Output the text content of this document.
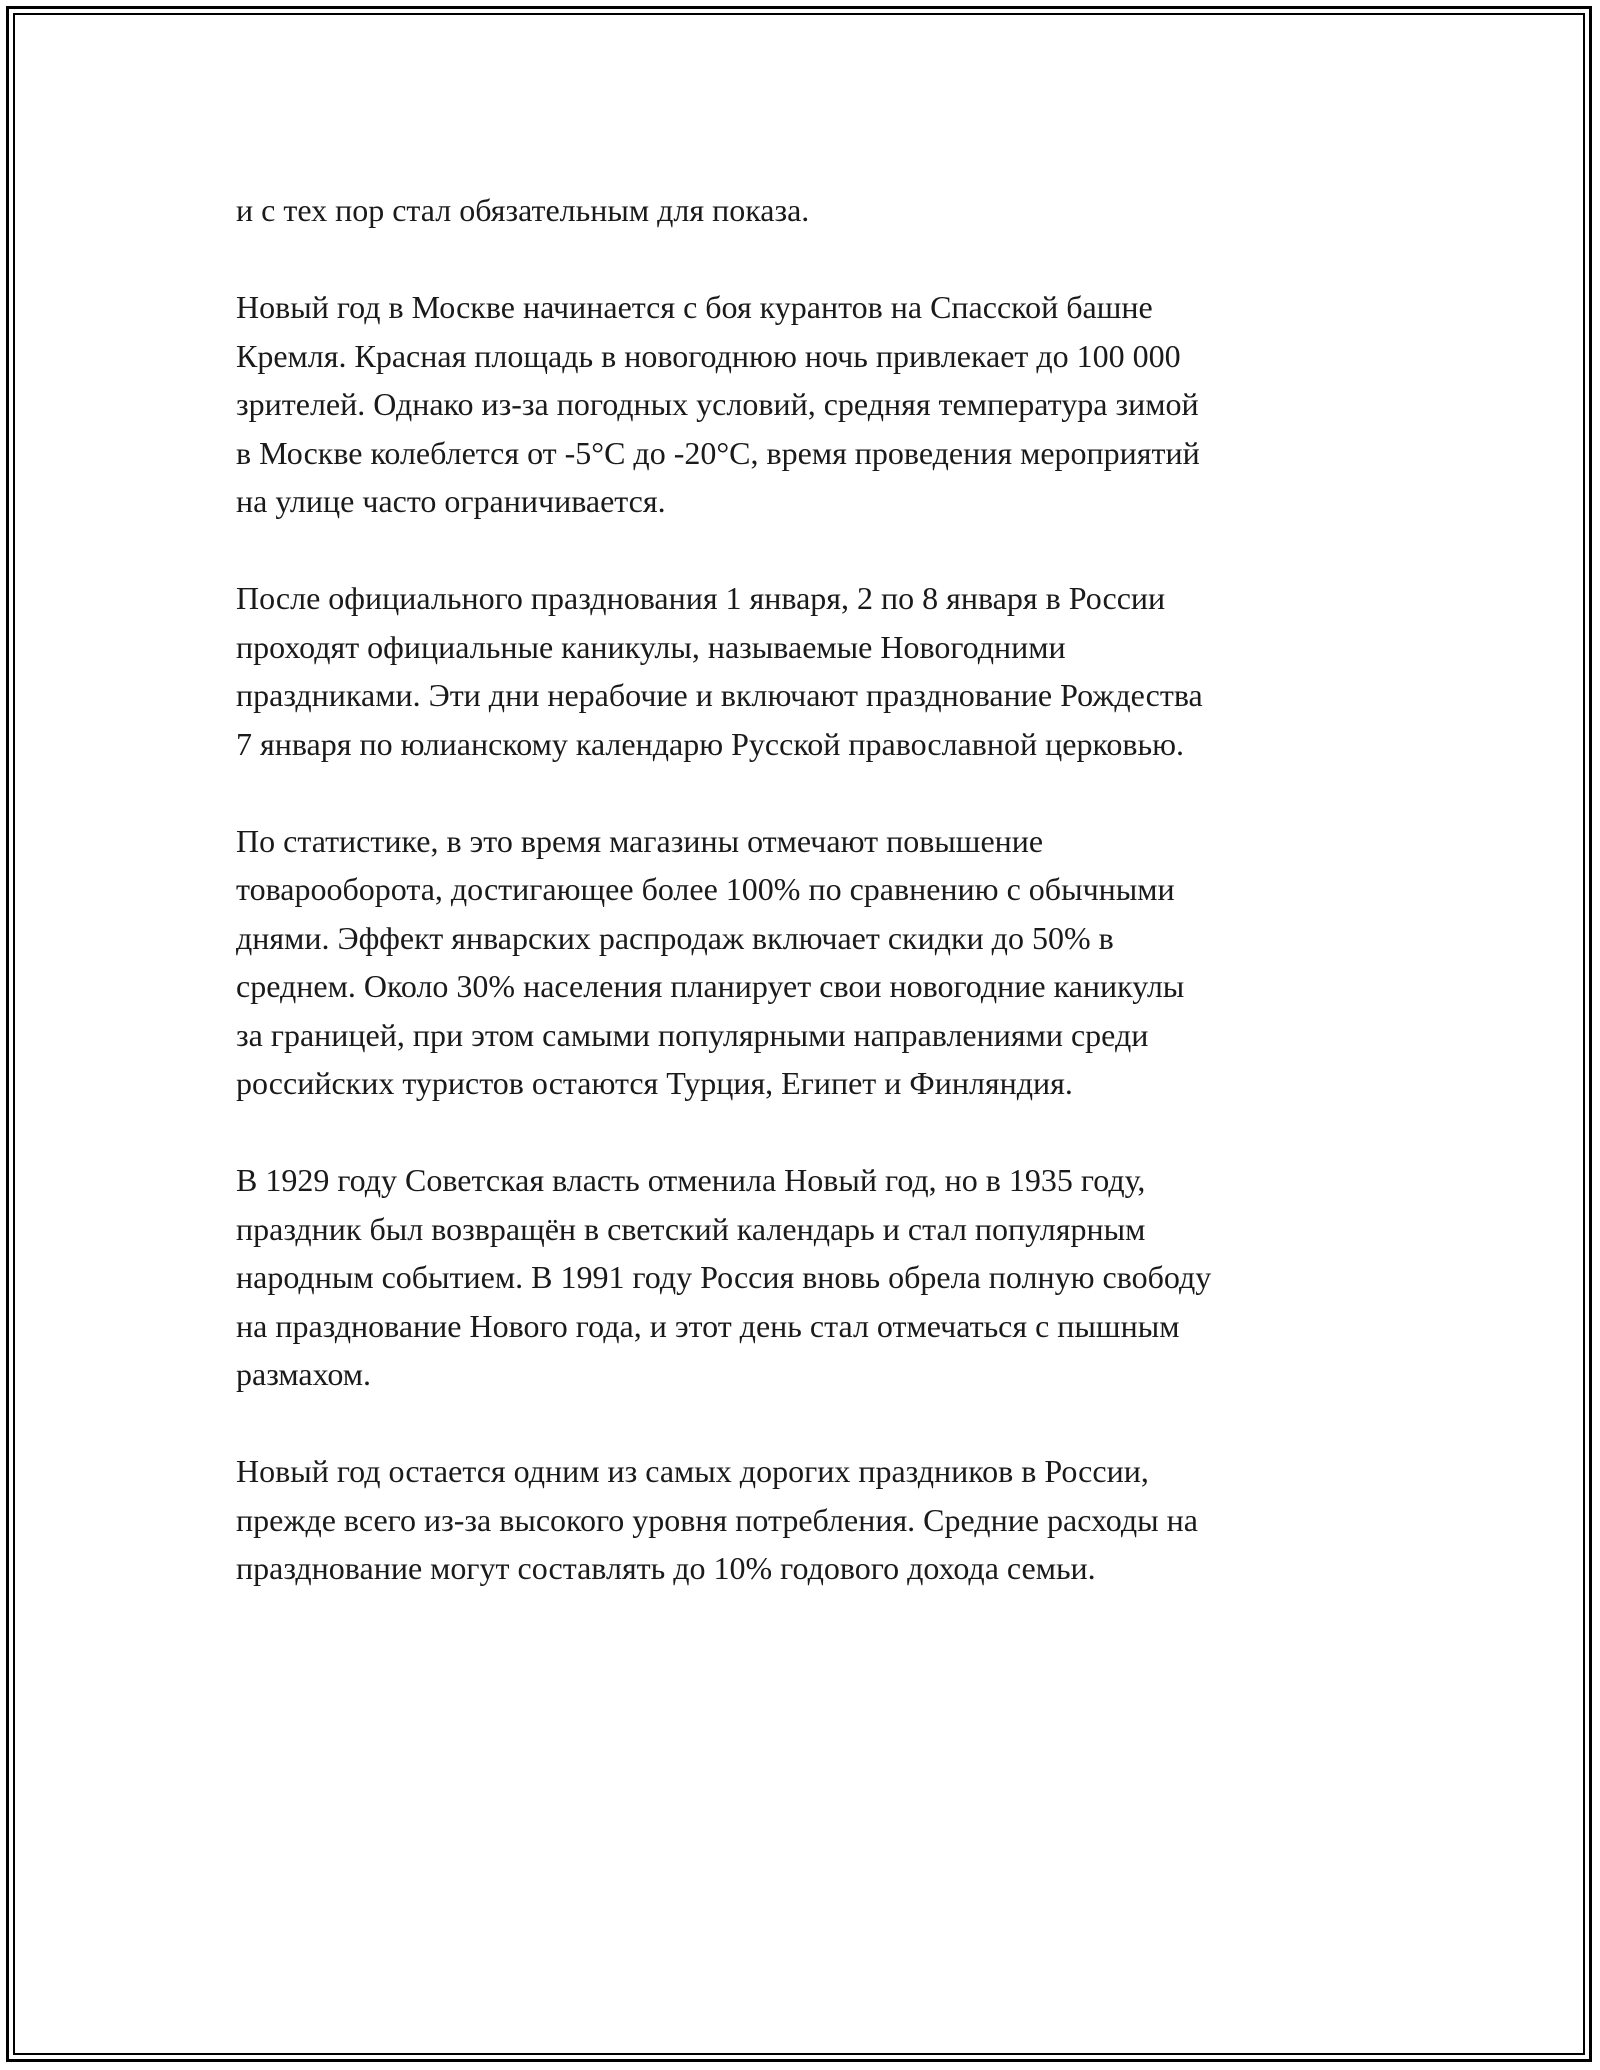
и с тех пор стал обязательным для показа.

Новый год в Москве начинается с боя курантов на Спасской башне
Кремля. Красная площадь в новогоднюю ночь привлекает до 100 000
зрителей. Однако из-за погодных условий, средняя температура зимой
в Москве колеблется от -5°C до -20°C, время проведения мероприятий
на улице часто ограничивается.

После официального празднования 1 января, 2 по 8 января в России
проходят официальные каникулы, называемые Новогодними
праздниками. Эти дни нерабочие и включают празднование Рождества
7 января по юлианскому календарю Русской православной церковью.

По статистике, в это время магазины отмечают повышение
товарооборота, достигающее более 100% по сравнению с обычными
днями. Эффект январских распродаж включает скидки до 50% в
среднем. Около 30% населения планирует свои новогодние каникулы
за границей, при этом самыми популярными направлениями среди
российских туристов остаются Турция, Египет и Финляндия.

В 1929 году Советская власть отменила Новый год, но в 1935 году,
праздник был возвращён в светский календарь и стал популярным
народным событием. В 1991 году Россия вновь обрела полную свободу
на празднование Нового года, и этот день стал отмечаться с пышным
размахом.

Новый год остается одним из самых дорогих праздников в России,
прежде всего из-за высокого уровня потребления. Средние расходы на
празднование могут составлять до 10% годового дохода семьи.
